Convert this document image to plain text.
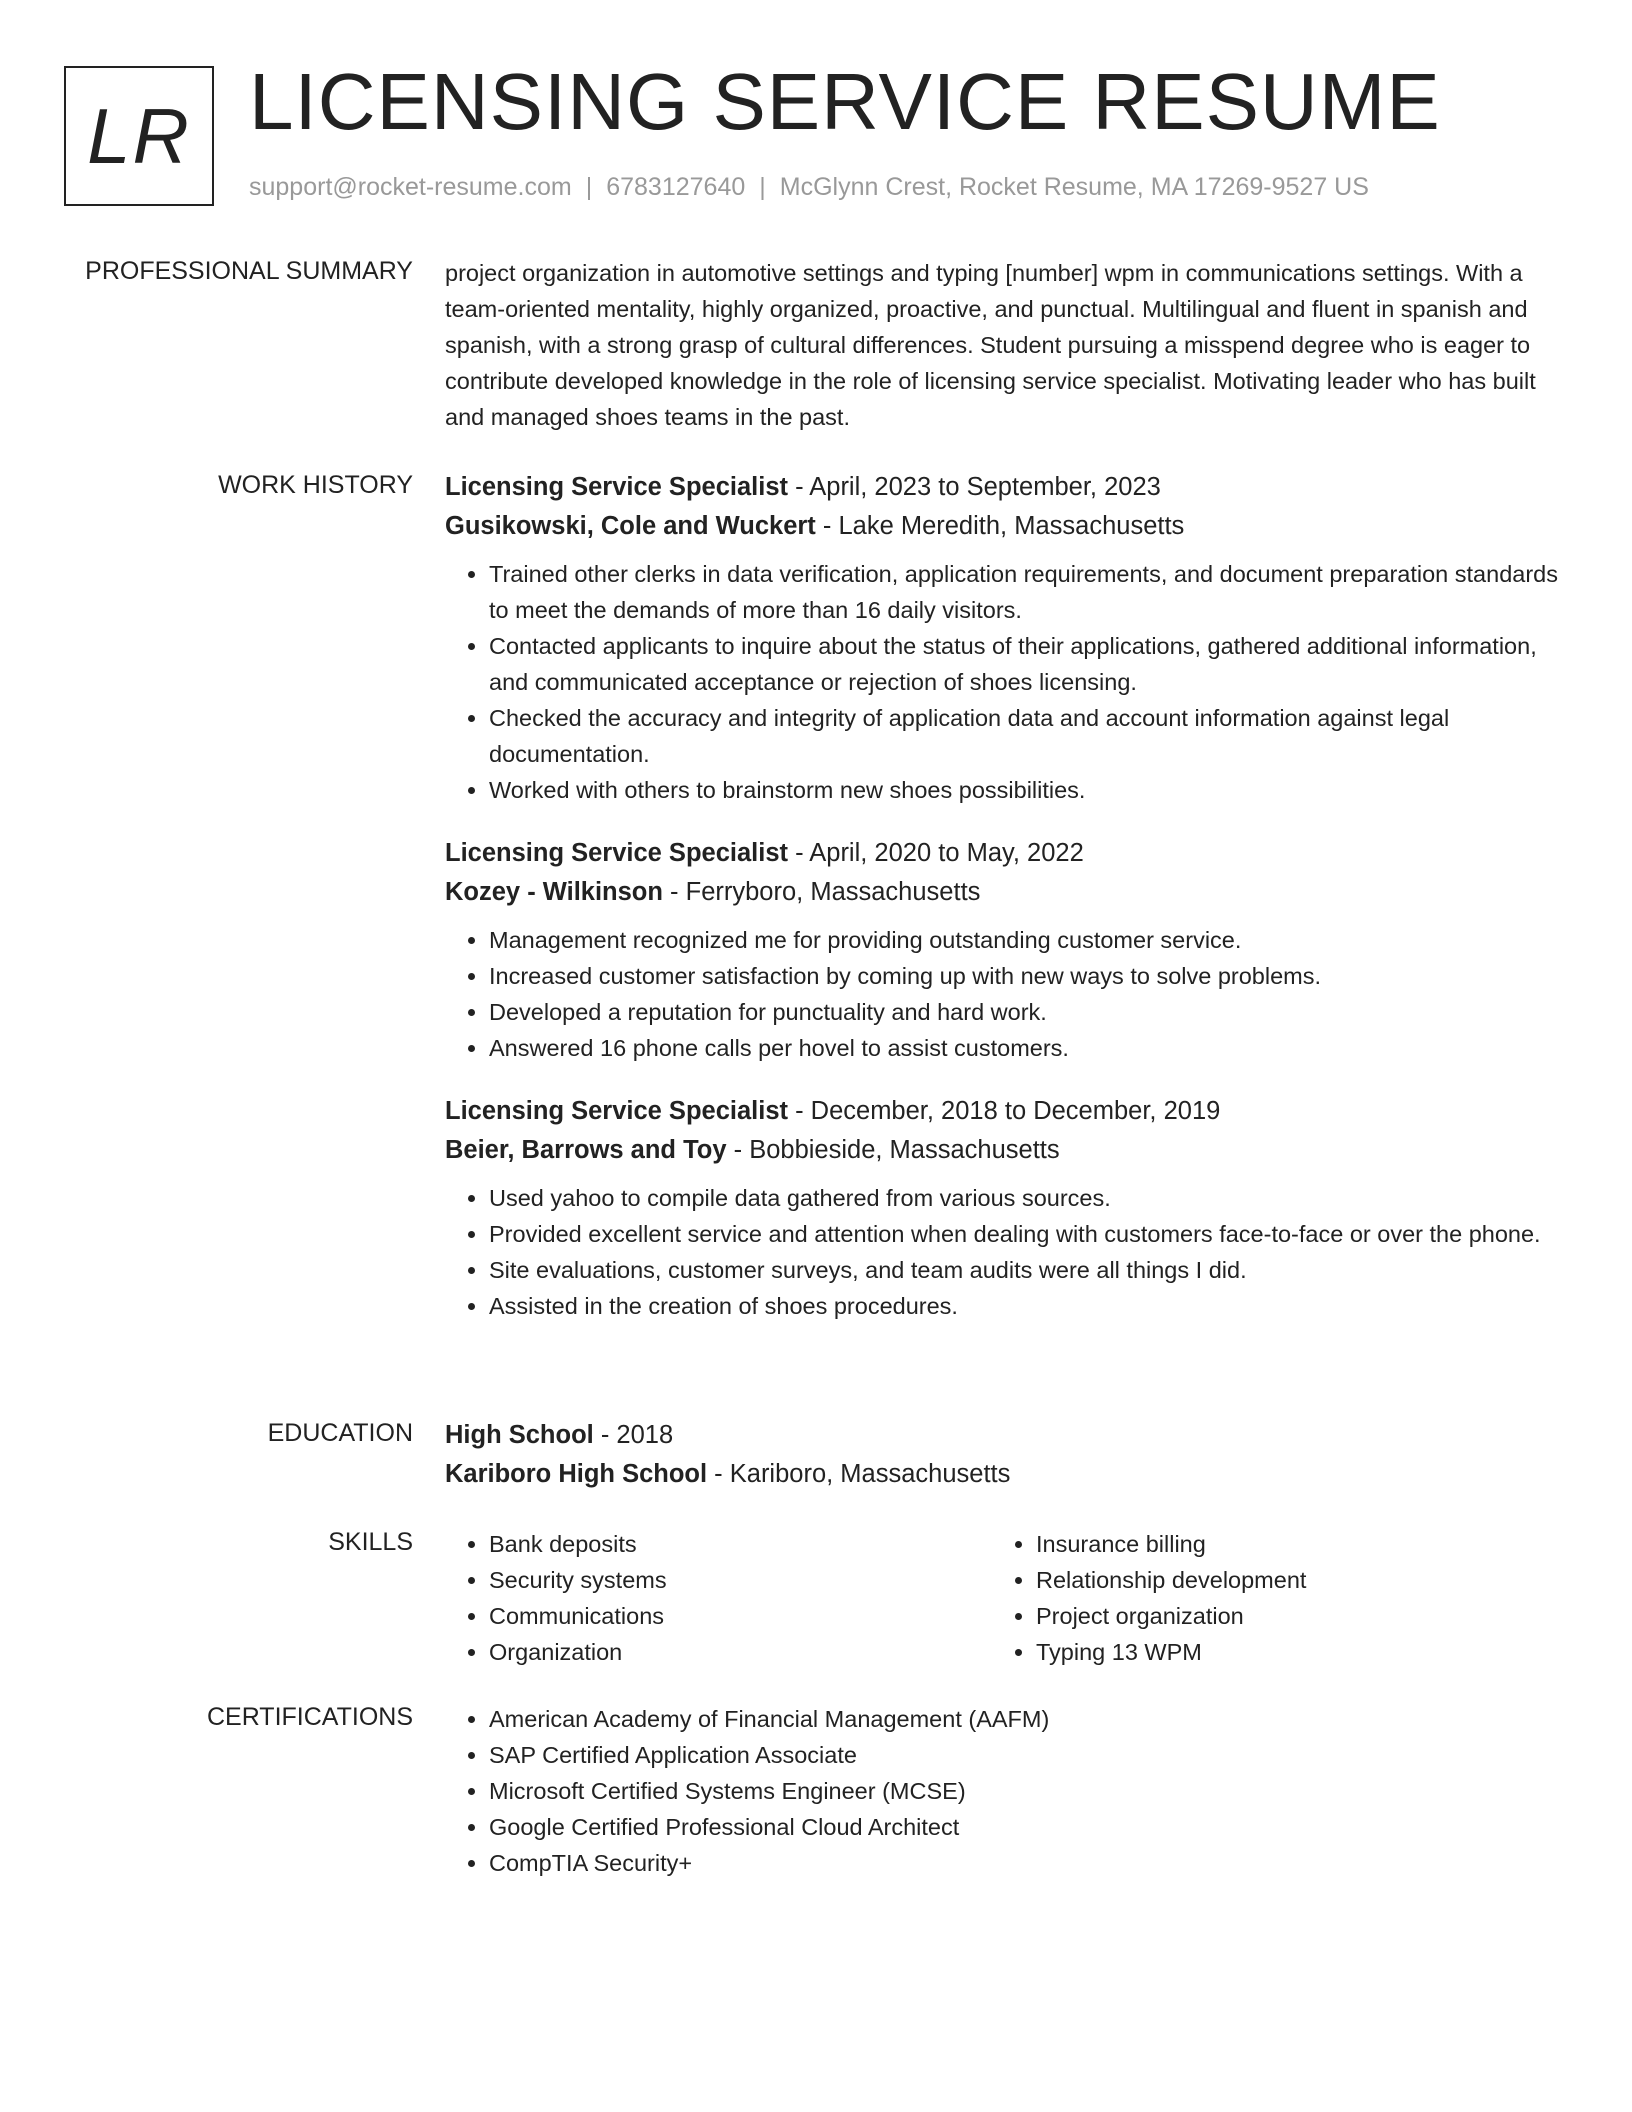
LR LICENSING SERVICE RESUME
support@rocket-resume.com | 6783127640 | McGlynn Crest, Rocket Resume, MA 17269-9527 US
PROFESSIONAL SUMMARY project organization in automotive settings and typing [number] wpm in communications settings. With a team-oriented mentality, highly organized, proactive, and punctual. Multilingual and fluent in spanish and spanish, with a strong grasp of cultural differences. Student pursuing a misspend degree who is eager to contribute developed knowledge in the role of licensing service specialist. Motivating leader who has built and managed shoes teams in the past.

WORK HISTORY Licensing Service Specialist - April, 2023 to September, 2023
Gusikowski, Cole and Wuckert - Lake Meredith, Massachusetts
• Trained other clerks in data verification, application requirements, and document preparation standards to meet the demands of more than 16 daily visitors.
• Contacted applicants to inquire about the status of their applications, gathered additional information, and communicated acceptance or rejection of shoes licensing.
• Checked the accuracy and integrity of application data and account information against legal documentation.
• Worked with others to brainstorm new shoes possibilities.
Licensing Service Specialist - April, 2020 to May, 2022
Kozey - Wilkinson - Ferryboro, Massachusetts
• Management recognized me for providing outstanding customer service.
• Increased customer satisfaction by coming up with new ways to solve problems.
• Developed a reputation for punctuality and hard work.
• Answered 16 phone calls per hovel to assist customers.
Licensing Service Specialist - December, 2018 to December, 2019
Beier, Barrows and Toy - Bobbieside, Massachusetts
• Used yahoo to compile data gathered from various sources.
• Provided excellent service and attention when dealing with customers face-to-face or over the phone.
• Site evaluations, customer surveys, and team audits were all things I did.
• Assisted in the creation of shoes procedures.
EDUCATION High School - 2018
Kariboro High School - Kariboro, Massachusetts
SKILLS	• Bank deposits
• Security systems
• Communications
• Organization
• Insurance billing
• Relationship development
• Project organization
• Typing 13 WPM
CERTIFICATIONS	• American Academy of Financial Management (AAFM)
• SAP Certified Application Associate
• Microsoft Certified Systems Engineer (MCSE)
• Google Certified Professional Cloud Architect
• CompTIA Security+
